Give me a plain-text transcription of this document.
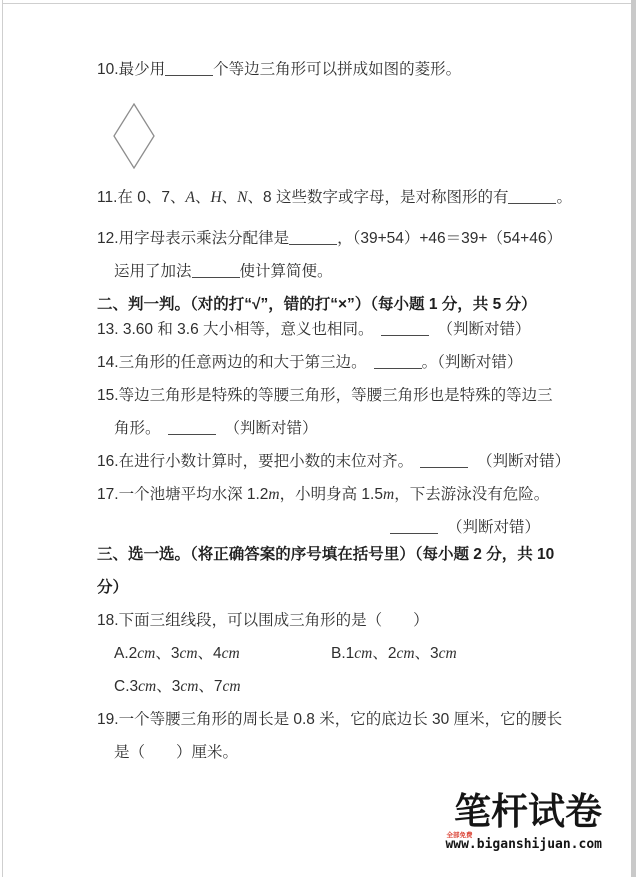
10.最少用	个等边三角形可以拼成如图的菱形。
11.在 0、7、A、H、N、8 这些数字或字母，是对称图形的有	。
12.用字母表示乘法分配律是	，（39+54）+46＝39+（54+46）
运用了加法	使计算简便。
二、判一判。（对的打“√”，错的打“×”）（每小题 1 分，共 5 分）
13. 3.60 和 3.6 大小相等，意义也相同。	（判断对错）
14.三角形的任意两边的和大于第三边。	。（判断对错）
15.等边三角形是特殊的等腰三角形，等腰三角形也是特殊的等边三
角形。	（判断对错）
16.在进行小数计算时，要把小数的末位对齐。	（判断对错）
17.一个池塘平均水深 1.2m，小明身高 1.5m，下去游泳没有危险。
（判断对错）
三、选一选。（将正确答案的序号填在括号里）（每小题 2 分，共 10
分）
18.下面三组线段，可以围成三角形的是（　　）
A.2cm、3cm、4cm	B.1cm、2cm、3cm
C.3cm、3cm、7cm
19.一个等腰三角形的周长是 0.8 米，它的底边长 30 厘米，它的腰长
是（　　）厘米。
笔杆试卷
全部免费
www.biganshijuan.com
